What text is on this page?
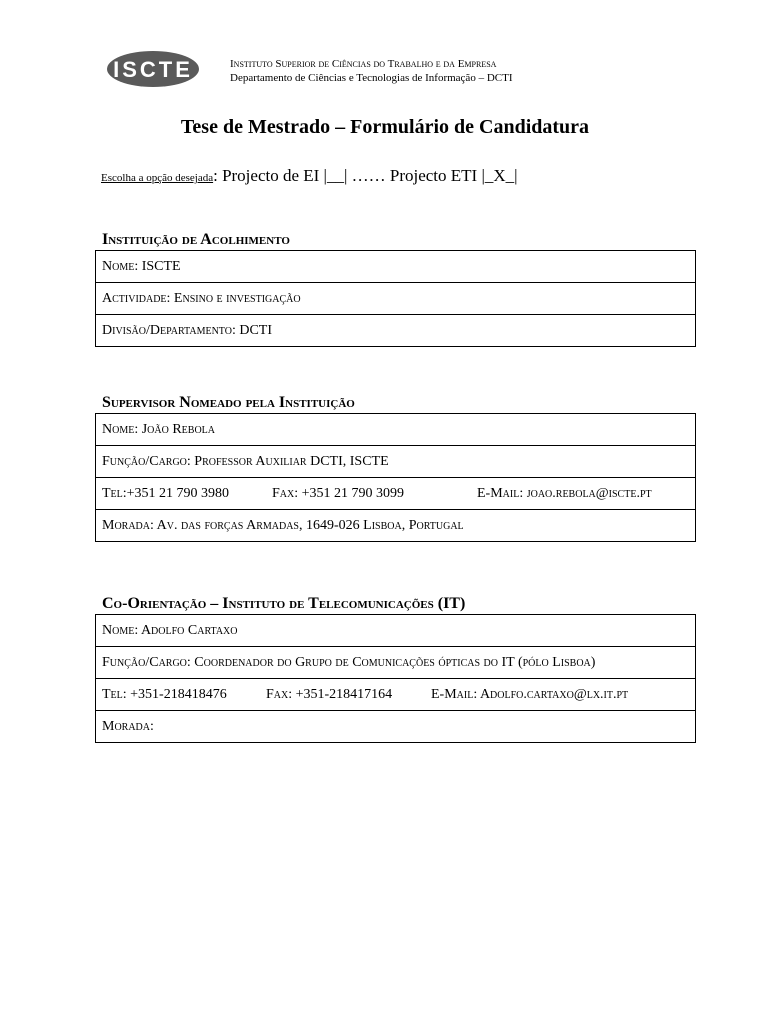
ISCTE	Instituto Superior de Ciências do Trabalho e da Empresa
Departamento de Ciências e Tecnologias de Informação – DCTI
Tese de Mestrado – Formulário de Candidatura
Escolha a opção desejada: Projecto de EI |__| …… Projecto ETI |_X_|
Instituição de Acolhimento
Nome: ISCTE
Actividade: Ensino e investigação
Divisão/Departamento: DCTI
Supervisor Nomeado pela Instituição
Nome: João Rebola
Função/Cargo: Professor Auxiliar DCTI, ISCTE
Tel:+351 21 790 3980	Fax: +351 21 790 3099	E-Mail: joao.rebola@iscte.pt
Morada: Av. das forças Armadas, 1649-026 Lisboa, Portugal
Co-Orientação – Instituto de Telecomunicações (IT)
Nome: Adolfo Cartaxo
Função/Cargo: Coordenador do Grupo de Comunicações ópticas do IT (pólo Lisboa)
Tel: +351-218418476	Fax: +351-218417164	E-Mail: Adolfo.cartaxo@lx.it.pt
Morada:
